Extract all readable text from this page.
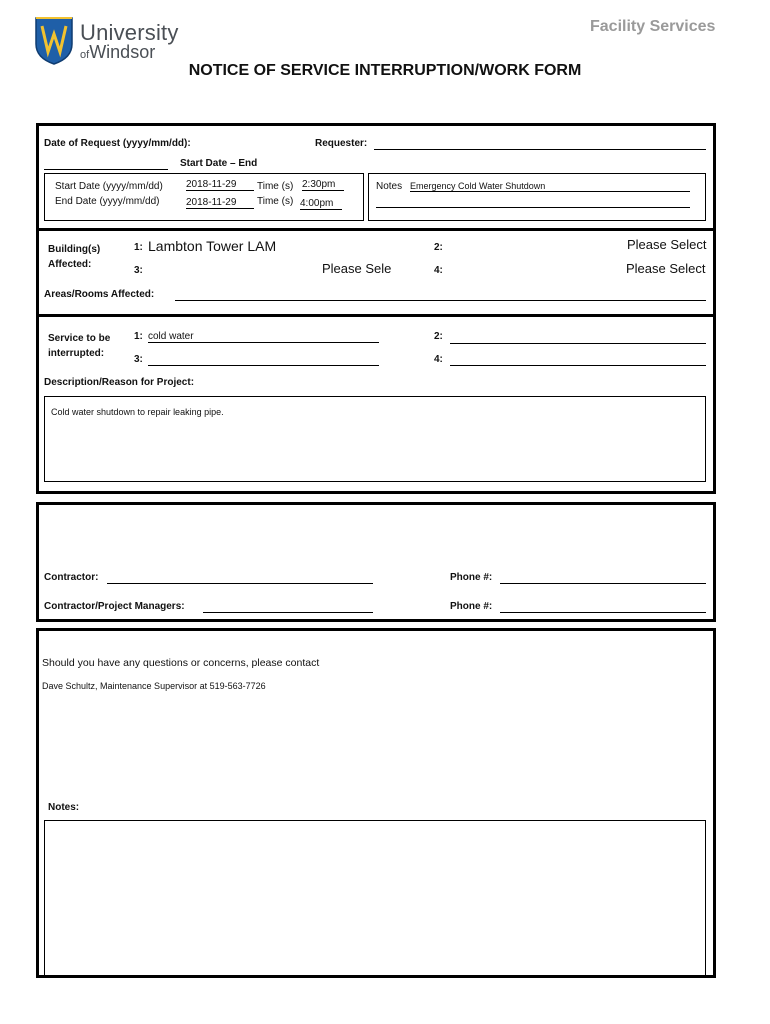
University
ofWindsor
Facility Services
NOTICE OF SERVICE INTERRUPTION/WORK FORM
Date of Request (yyyy/mm/dd):	Requester:
Start Date – End
Start Date (yyyy/mm/dd) 2018-11-29	Time (s) 2:30pm
End Date (yyyy/mm/dd)	2018-11-29	Time (s) 4:00pm
Notes Emergency Cold Water Shutdown
Building(s)
Affected:
1: Lambton Tower LAM	2:	Please Select
3:	Please Sele	4:	Please Select
Areas/Rooms Affected:
Service to be
interrupted:
1: cold water	2:
3:	4:
Description/Reason for Project:
Cold water shutdown to repair leaking pipe.
Contractor:	Phone #:
Contractor/Project Managers:	Phone #:
Should you have any questions or concerns, please contact
Dave Schultz, Maintenance Supervisor at 519-563-7726
Notes:
